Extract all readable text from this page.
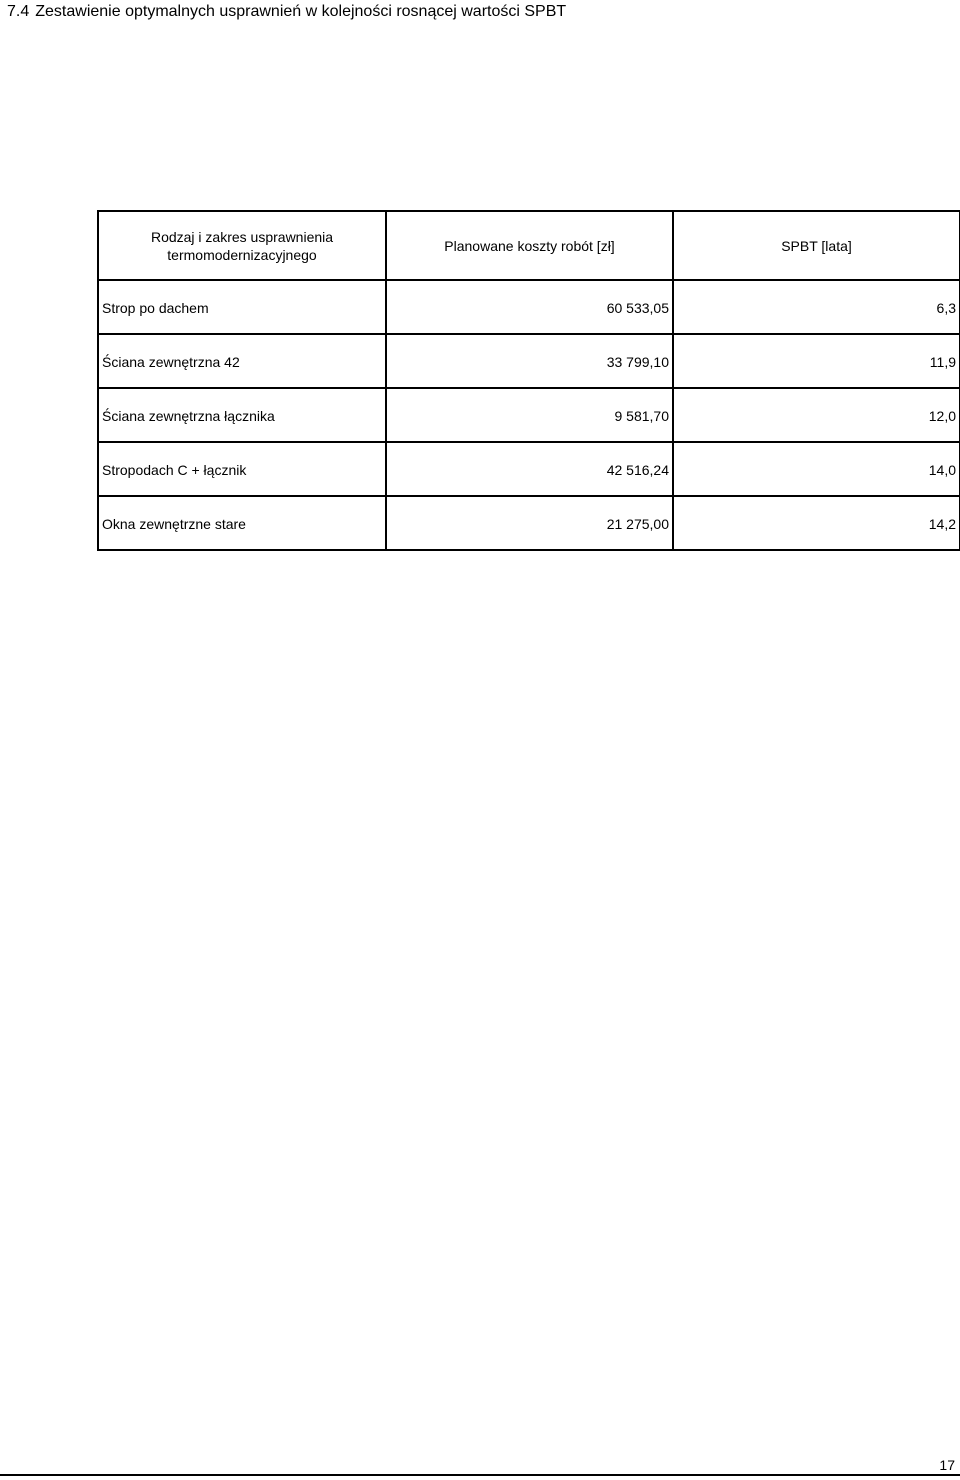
7.4 Zestawienie optymalnych usprawnień w kolejności rosnącej wartości SPBT
Rodzaj i zakres usprawnienia termomodernizacyjnego	Planowane koszty robót [zł]	SPBT [lata]
Strop po dachem	60 533,05	6,3
Ściana zewnętrzna 42	33 799,10	11,9
Ściana zewnętrzna łącznika	9 581,70	12,0
Stropodach C + łącznik	42 516,24	14,0
Okna zewnętrzne stare	21 275,00	14,2
17
